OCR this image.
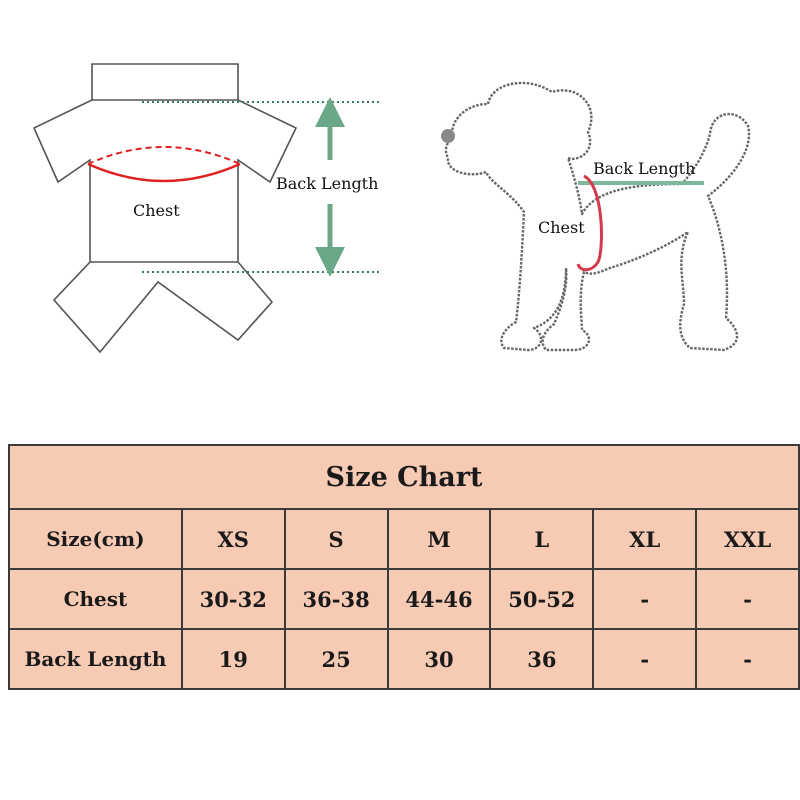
Chest
Back Length
Back Length
Chest
Size Chart						
Size(cm)	XS	S	M	L	XL	XXL
Chest	30-32	36-38	44-46	50-52	-	-
Back Length	19	25	30	36	-	-
